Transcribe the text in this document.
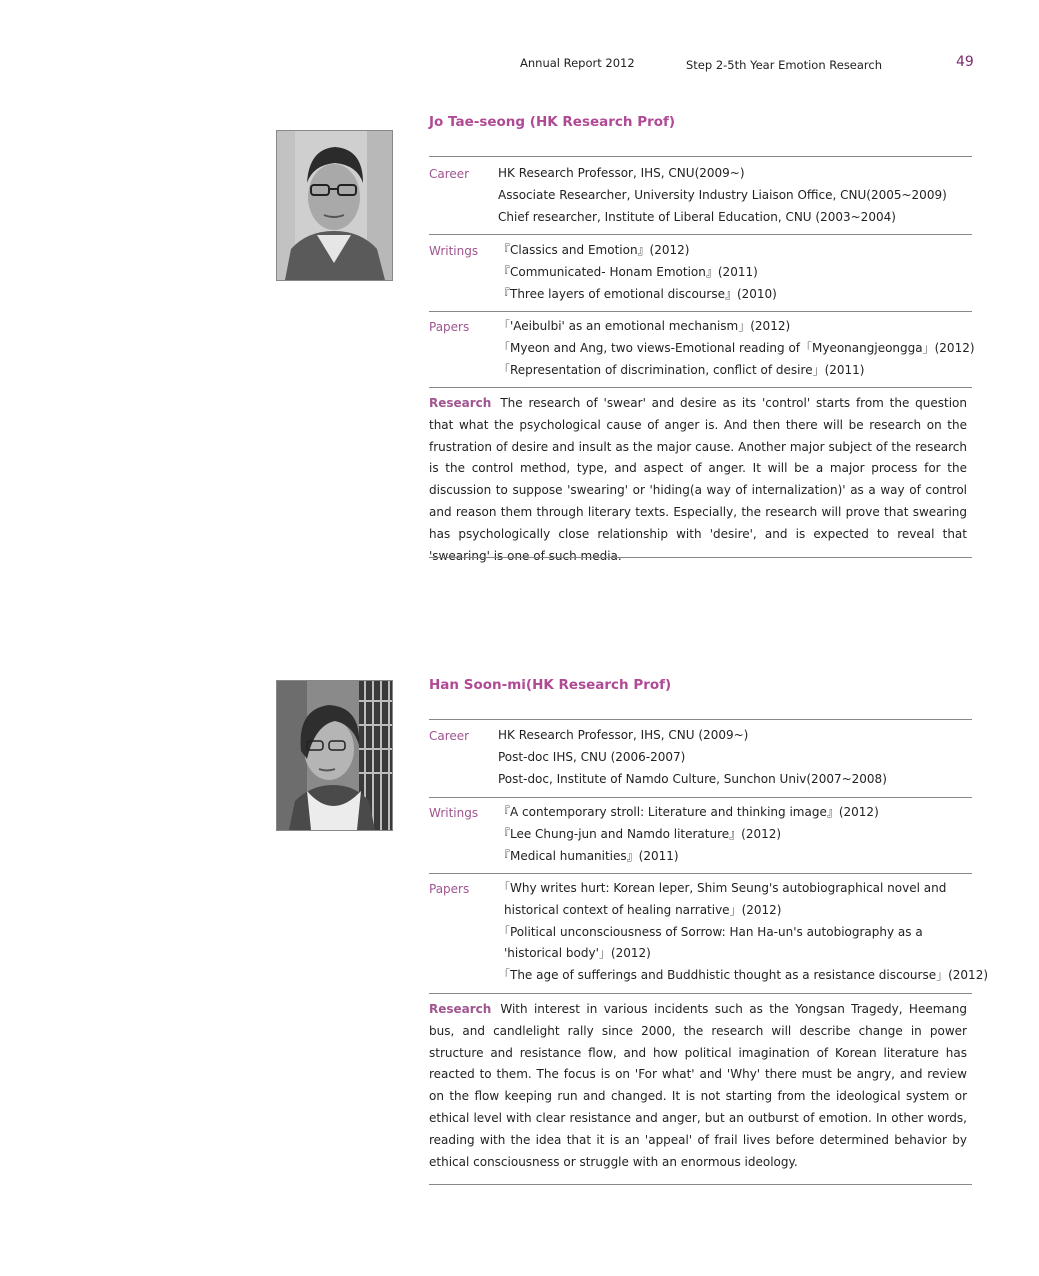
Annual Report 2012	Step 2-5th Year Emotion Research	49
Jo Tae-seong (HK Research Prof)
Career HK Research Professor, IHS, CNU(2009~)
Associate Researcher, University Industry Liaison Office, CNU(2005~2009)
Chief researcher, Institute of Liberal Education, CNU (2003~2004)
Writings 『Classics and Emotion』(2012)
『Communicated- Honam Emotion』(2011)
『Three layers of emotional discourse』(2010)
Papers 「'Aeibulbi' as an emotional mechanism」(2012)
「Myeon and Ang, two views-Emotional reading of「Myeonangjeongga」(2012)
「Representation of discrimination, conflict of desire」(2011)
Research The research of 'swear' and desire as its 'control' starts from the question that what the psychological cause of anger is. And then there will be research on the frustration of desire and insult as the major cause. Another major subject of the research is the control method, type, and aspect of anger. It will be a major process for the discussion to suppose 'swearing' or 'hiding(a way of internalization)' as a way of control and reason them through literary texts. Especially, the research will prove that swearing has psychologically close relationship with 'desire', and is expected to reveal that 'swearing' is one of such media.
Han Soon-mi(HK Research Prof)
Career HK Research Professor, IHS, CNU (2009~)
Post-doc IHS, CNU (2006-2007)
Post-doc, Institute of Namdo Culture, Sunchon Univ(2007~2008)
Writings 『A contemporary stroll: Literature and thinking image』(2012)
『Lee Chung-jun and Namdo literature』(2012)
『Medical humanities』(2011)
Papers 「Why writes hurt: Korean leper, Shim Seung's autobiographical novel and
historical context of healing narrative」(2012)
「Political unconsciousness of Sorrow: Han Ha-un's autobiography as a
'historical body'」(2012)
「The age of sufferings and Buddhistic thought as a resistance discourse」(2012)
Research With interest in various incidents such as the Yongsan Tragedy, Heemang bus, and candlelight rally since 2000, the research will describe change in power structure and resistance flow, and how political imagination of Korean literature has reacted to them. The focus is on 'For what' and 'Why' there must be angry, and review on the flow keeping run and changed. It is not starting from the ideological system or ethical level with clear resistance and anger, but an outburst of emotion. In other words, reading with the idea that it is an 'appeal' of frail lives before determined behavior by ethical consciousness or struggle with an enormous ideology.
